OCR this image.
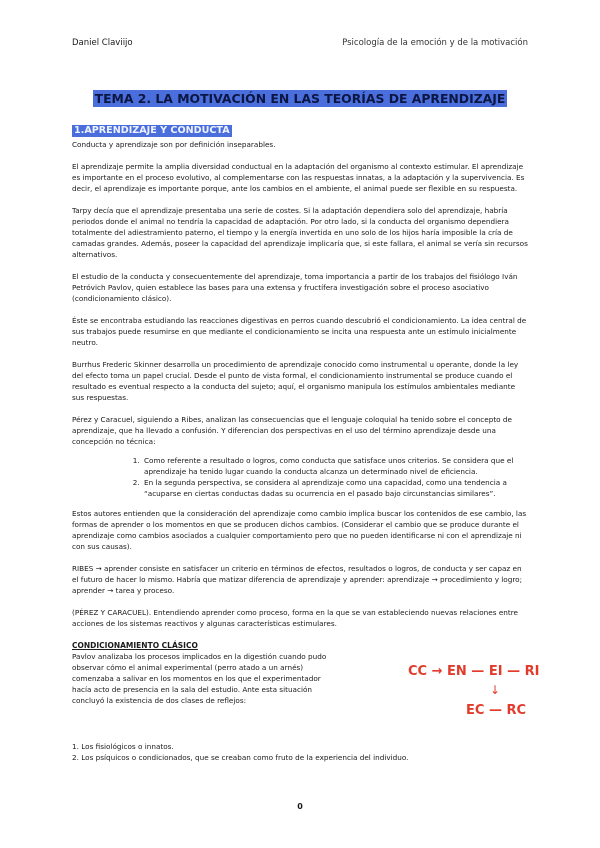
Daniel Claviijo	Psicología de la emoción y de la motivación
TEMA 2. LA MOTIVACIÓN EN LAS TEORÍAS DE APRENDIZAJE
1.APRENDIZAJE Y CONDUCTA

Conducta y aprendizaje son por definición inseparables.

El aprendizaje permite la amplia diversidad conductual en la adaptación del organismo al contexto estimular. El aprendizaje es importante en el proceso evolutivo, al complementarse con las respuestas innatas, a la adaptación y la supervivencia. Es decir, el aprendizaje es importante porque, ante los cambios en el ambiente, el animal puede ser flexible en su respuesta.

Tarpy decía que el aprendizaje presentaba una serie de costes. Si la adaptación dependiera solo del aprendizaje, habría periodos donde el animal no tendría la capacidad de adaptación. Por otro lado, si la conducta del organismo dependiera totalmente del adiestramiento paterno, el tiempo y la energía invertida en uno solo de los hijos haría imposible la cría de camadas grandes. Además, poseer la capacidad del aprendizaje implicaría que, si este fallara, el animal se vería sin recursos alternativos.

El estudio de la conducta y consecuentemente del aprendizaje, toma importancia a partir de los trabajos del fisiólogo Iván Petróvich Pavlov, quien establece las bases para una extensa y fructífera investigación sobre el proceso asociativo (condicionamiento clásico).

Éste se encontraba estudiando las reacciones digestivas en perros cuando descubrió el condicionamiento. La idea central de sus trabajos puede resumirse en que mediante el condicionamiento se incita una respuesta ante un estímulo inicialmente neutro.

Burrhus Frederic Skinner desarrolla un procedimiento de aprendizaje conocido como instrumental u operante, donde la ley del efecto toma un papel crucial. Desde el punto de vista formal, el condicionamiento instrumental se produce cuando el resultado es eventual respecto a la conducta del sujeto; aquí, el organismo manipula los estímulos ambientales mediante sus respuestas.

Pérez y Caracuel, siguiendo a Ribes, analizan las consecuencias que el lenguaje coloquial ha tenido sobre el concepto de aprendizaje, que ha llevado a confusión. Y diferencian dos perspectivas en el uso del término aprendizaje desde una concepción no técnica:

1. Como referente a resultado o logros, como conducta que satisface unos criterios. Se considera que el aprendizaje ha tenido lugar cuando la conducta alcanza un determinado nivel de eficiencia.
2. En la segunda perspectiva, se considera al aprendizaje como una capacidad, como una tendencia a “acuparse en ciertas conductas dadas su ocurrencia en el pasado bajo circunstancias similares”.

Estos autores entienden que la consideración del aprendizaje como cambio implica buscar los contenidos de ese cambio, las formas de aprender o los momentos en que se producen dichos cambios. (Considerar el cambio que se produce durante el aprendizaje como cambios asociados a cualquier comportamiento pero que no pueden identificarse ni con el aprendizaje ni con sus causas).

RIBES → aprender consiste en satisfacer un criterio en términos de efectos, resultados o logros, de conducta y ser capaz en el futuro de hacer lo mismo. Habría que matizar diferencia de aprendizaje y aprender: aprendizaje → procedimiento y logro; aprender → tarea y proceso.

(PÉREZ Y CARACUEL). Entendiendo aprender como proceso, forma en la que se van estableciendo nuevas relaciones entre acciones de los sistemas reactivos y algunas características estimulares.

CONDICIONAMIENTO CLÁSICO

Pavlov analizaba los procesos implicados en la digestión cuando pudo observar cómo el animal experimental (perro atado a un arnés) comenzaba a salivar en los momentos en los que el experimentador hacía acto de presencia en la sala del estudio. Ante esta situación concluyó la existencia de dos clases de reflejos:

CC → EN — EI — RI
↓
EC — RC

1. Los fisiológicos o innatos.

2. Los psíquicos o condicionados, que se creaban como fruto de la experiencia del individuo.

0
